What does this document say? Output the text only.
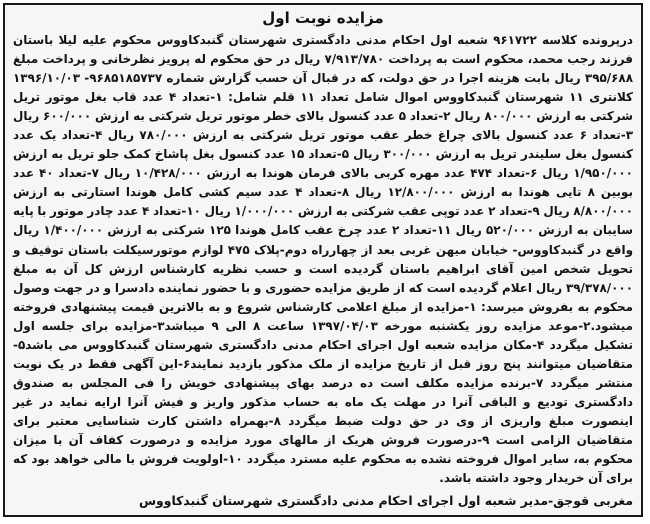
مزایده نوبت اول
درپرونده کلاسه ۹۶۱۷۲۲ شعبه اول احکام مدنی دادگستری شهرستان گنبدکاووس محکوم علیه لیلا باستان فرزند رجب محمد، محکوم است به پرداخت ۷/۹۱۳/۷۸۰ ریال در حق محکوم له پرویز نظرخانی و پرداخت مبلغ ۳۹۵/۶۸۸ ریال بابت هزینه اجرا در حق دولت، که در قبال آن حسب گزارش شماره ۹۶۸۵۱۸۵۷۳۷- ۱۳۹۶/۱۰/۰۳ کلانتری ۱۱ شهرستان گنبدکاووس اموال شامل تعداد ۱۱ قلم شامل: ۱-تعداد ۴ عدد قاب بغل موتور تریل شرکتی به ارزش ۸۰۰/۰۰۰ ریال ۲-تعداد ۵ عدد کنسول بالای خطر موتور تریل شرکتی به ارزش ۶۰۰/۰۰۰ ریال ۳-تعداد ۶ عدد کنسول بالای چراغ خطر عقب موتور تریل شرکتی به ارزش ۷۸۰/۰۰۰ ریال ۴-تعداد یک عدد کنسول بغل سلیندر تریل به ارزش ۳۰۰/۰۰۰ ریال ۵-تعداد ۱۵ عدد کنسول بغل پاشاخ کمک جلو تریل به ارزش ۱/۹۵۰/۰۰۰ ریال ۶-تعداد ۴۷۴ عدد مهره کربی بالای فرمان هوندا به ارزش ۱۰/۴۲۸/۰۰۰ ریال ۷-تعداد ۴۰ عدد بوبین ۸ تایی هوندا به ارزش ۱۲/۸۰۰/۰۰۰ ریال ۸-تعداد ۴ عدد سیم کشی کامل هوندا استارتی به ارزش ۸/۸۰۰/۰۰۰ ریال ۹-تعداد ۲ عدد توپی عقب شرکتی به ارزش ۱/۰۰۰/۰۰۰ ریال ۱۰-تعداد ۴ عدد چادر موتور با پایه سایبان به ارزش ۵۲۰/۰۰۰ ریال ۱۱-تعداد ۲ عدد چرخ عقب کامل هوندا ۱۲۵ شرکتی به ارزش ۱/۴۰۰/۰۰۰ ریال واقع در گنبدکاووس- خیابان میهن غربی بعد از چهارراه دوم-پلاک ۴۷۵ لوازم موتورسیکلت باستان توقیف و تحویل شخص امین آقای ابراهیم باستان گردیده است و حسب نظریه کارشناس ارزش کل آن به مبلغ ۳۹/۳۷۸/۰۰۰ ریال اعلام گردیده است که از طریق مزایده حضوری و با حضور نماینده دادسرا و در جهت وصول محکوم به بفروش میرسد: ۱-مزایده از مبلغ اعلامی کارشناس شروع و به بالاترین قیمت پیشنهادی فروخته میشود.۲-موعد مزایده روز یکشنبه مورخه ۱۳۹۷/۰۴/۰۳ ساعت ۸ الی ۹ میباشد۳-مزایده برای جلسه اول تشکیل میگردد ۴-مکان مزایده شعبه اول اجرای احکام مدنی دادگستری شهرستان گنبدکاووس می باشد۵-متقاضیان میتوانند پنج روز قبل از تاریخ مزایده از ملک مذکور بازدید نمایند۶-این آگهی فقط در یک نوبت منتشر میگردد ۷-برنده مزایده مکلف است ده درصد بهای پیشنهادی خویش را فی المجلس به صندوق دادگستری تودیع و الباقی آنرا در مهلت یک ماه به حساب مذکور واریز و فیش آنرا ارایه نماید در غیر اینصورت مبلغ واریزی از وی در حق دولت ضبط میگردد ۸-بهمراه داشتن کارت شناسایی معتبر برای متقاضیان الزامی است ۹-درصورت فروش هریک از مالهای مورد مزایده و درصورت کفاف آن با میزان محکوم به، سایر اموال فروخته نشده به محکوم علیه مسترد میگردد ۱۰-اولویت فروش با مالی خواهد بود که برای آن خریدار وجود داشته باشد.
مغربی قوجق-مدیر شعبه اول اجرای احکام مدنی دادگستری شهرستان گنبدکاووس
